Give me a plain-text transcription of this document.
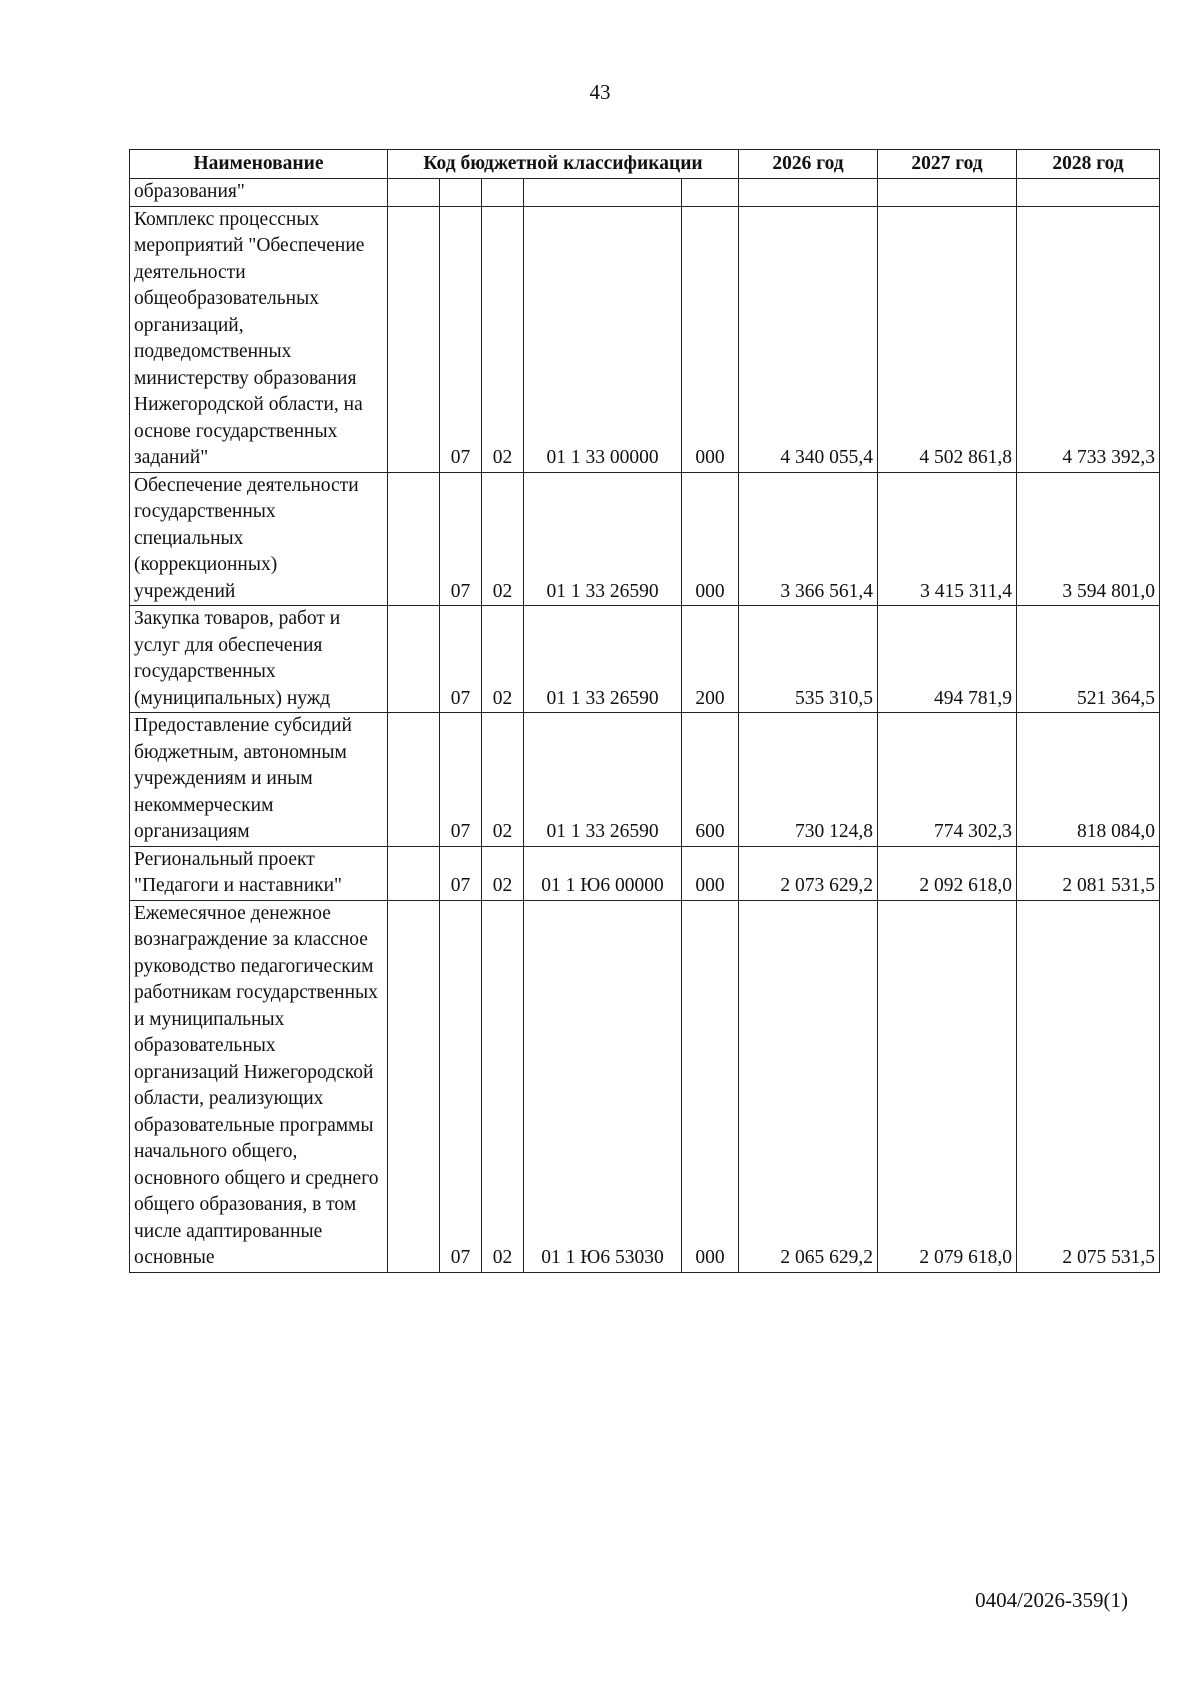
43
Наименование	Код бюджетной классификации					2026 год	2027 год	2028 год
образования"								
Комплекс процессных мероприятий "Обеспечение деятельности общеобразовательных организаций, подведомственных министерству образования Нижегородской области, на основе государственных заданий"		07	02	01 1 33 00000	000	4 340 055,4	4 502 861,8	4 733 392,3
Обеспечение деятельности государственных специальных (коррекционных) учреждений		07	02	01 1 33 26590	000	3 366 561,4	3 415 311,4	3 594 801,0
Закупка товаров, работ и услуг для обеспечения государственных (муниципальных) нужд		07	02	01 1 33 26590	200	535 310,5	494 781,9	521 364,5
Предоставление субсидий бюджетным, автономным учреждениям и иным некоммерческим организациям		07	02	01 1 33 26590	600	730 124,8	774 302,3	818 084,0
Региональный проект "Педагоги и наставники"		07	02	01 1 Ю6 00000	000	2 073 629,2	2 092 618,0	2 081 531,5
Ежемесячное денежное вознаграждение за классное руководство педагогическим работникам государственных и муниципальных образовательных организаций Нижегородской области, реализующих образовательные программы начального общего, основного общего и среднего общего образования, в том числе адаптированные основные		07	02	01 1 Ю6 53030	000	2 065 629,2	2 079 618,0	2 075 531,5
0404/2026-359(1)
